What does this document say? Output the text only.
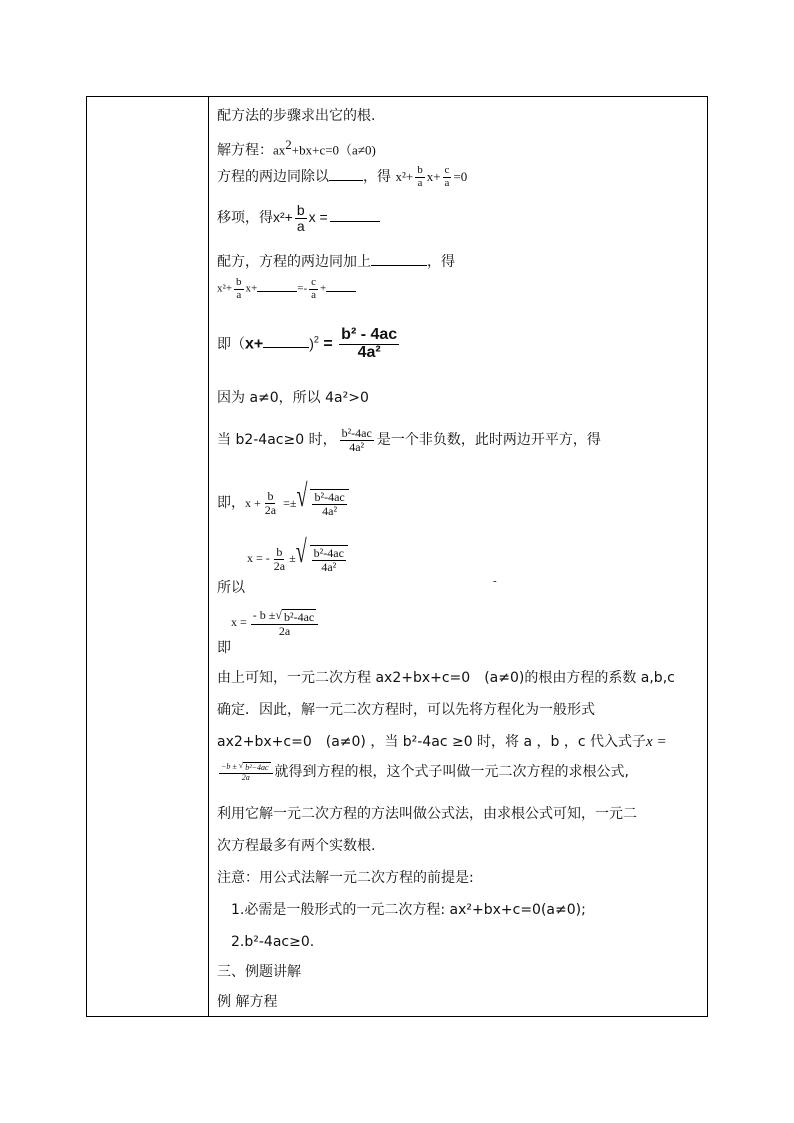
配方法的步骤求出它的根.
解方程：$ax^2+bx+c=0(a\ne 0)$
方程的两边同除以 ，得 $x^2+ \frac{b}{a} x+ \frac{c}{a} =0$
移项，得$x^2+ \frac{b}{a}$ x =
配方，方程的两边同加上	，得
$x^2+ \frac{b}{a} x+$	=- $\frac{c}{a}$ +
即（x+	)$^2 = \frac{\text{b² - 4ac}}{\text{4a²}}$
因为 a≠0，所以 4a²>0
当 b2-4ac≥0 时， $\frac{\text{b²-4ac}}{\text{4a²}}$ 是一个非负数，此时两边开平方，得
即，$x + \frac{b}{2a}$ =± √ $\frac{\text{b²-4ac}}{\text{4a²}}$
x = - $\frac{b}{2a}$ ± √ $\frac{\text{b²-4ac}}{\text{4a²}}$
所以	-
$x = \frac{\text{- b ± √ b²-4ac}}{2a}$
即
由上可知，一元二次方程 ax2+bx+c=0　(a≠0)的根由方程的系数 a,b,c
确定．因此，解一元二次方程时，可以先将方程化为一般形式
ax2+bx+c=0　(a≠0) ，当 b²-4ac ≥0 时，将 a ，b ，c 代入式子x =
$\frac{\text{−b ± √ b²−4ac}}{2a}$ 就得到方程的根，这个式子叫做一元二次方程的求根公式,
利用它解一元二次方程的方法叫做公式法，由求根公式可知，一元二
次方程最多有两个实数根.
注意：用公式法解一元二次方程的前提是:
1.必需是一般形式的一元二次方程: ax²+bx+c=0(a≠0);
2.b²-4ac≥0.
三、例题讲解
例 解方程
